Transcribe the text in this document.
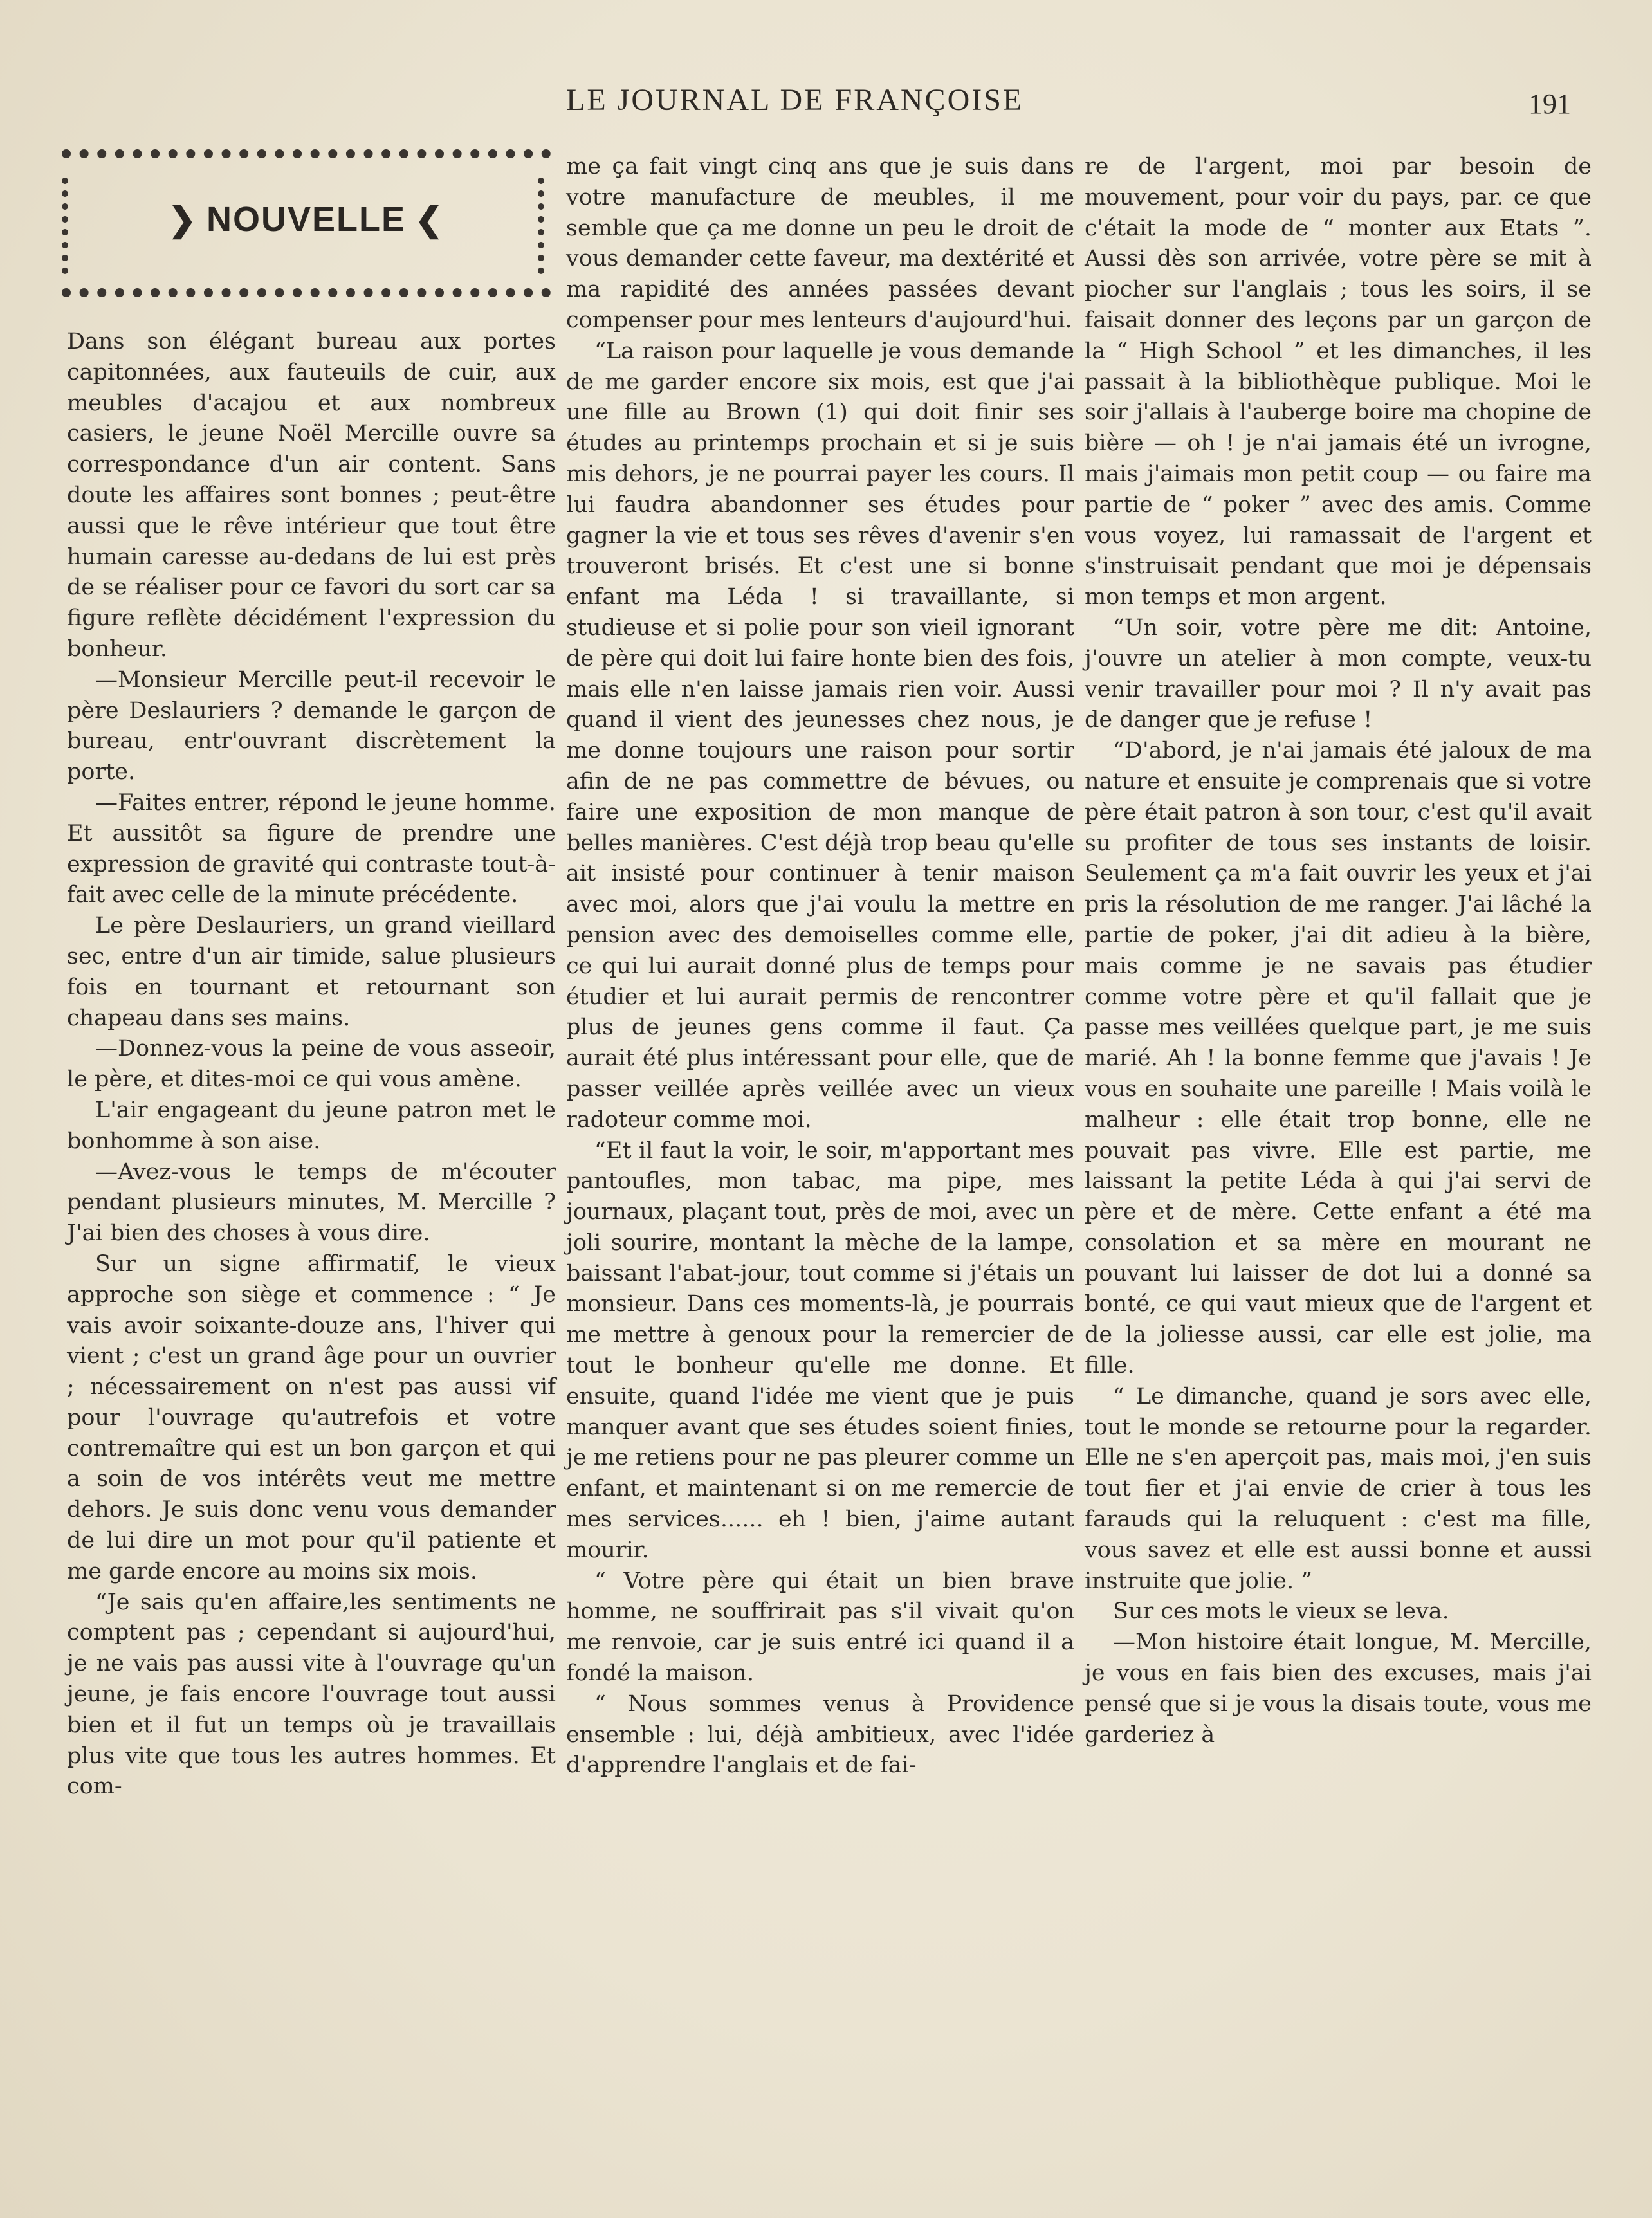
LE JOURNAL DE FRANÇOISE	191
❯ NOUVELLE ❮

Dans son élégant bureau aux portes capitonnées, aux fauteuils de cuir, aux meubles d'acajou et aux nombreux casiers, le jeune Noël Mercille ouvre sa correspondance d'un air content. Sans doute les affaires sont bonnes ; peut-être aussi que le rêve intérieur que tout être humain caresse au-dedans de lui est près de se réaliser pour ce favori du sort car sa figure reflète décidément l'expression du bonheur.

—Monsieur Mercille peut-il recevoir le père Deslauriers ? demande le garçon de bureau, entr'ouvrant discrètement la porte.

—Faites entrer, répond le jeune homme. Et aussitôt sa figure de prendre une expression de gravité qui contraste tout-à-fait avec celle de la minute précédente.

Le père Deslauriers, un grand vieillard sec, entre d'un air timide, salue plusieurs fois en tournant et retournant son chapeau dans ses mains.

—Donnez-vous la peine de vous asseoir, le père, et dites-moi ce qui vous amène.

L'air engageant du jeune patron met le bonhomme à son aise.

—Avez-vous le temps de m'écouter pendant plusieurs minutes, M. Mercille ? J'ai bien des choses à vous dire.

Sur un signe affirmatif, le vieux approche son siège et commence : “ Je vais avoir soixante-douze ans, l'hiver qui vient ; c'est un grand âge pour un ouvrier ; nécessairement on n'est pas aussi vif pour l'ouvrage qu'autrefois et votre contremaître qui est un bon garçon et qui a soin de vos intérêts veut me mettre dehors. Je suis donc venu vous demander de lui dire un mot pour qu'il patiente et me garde encore au moins six mois.

“Je sais qu'en affaire,les sentiments ne comptent pas ; cependant si aujourd'hui, je ne vais pas aussi vite à l'ouvrage qu'un jeune, je fais encore l'ouvrage tout aussi bien et il fut un temps où je travaillais plus vite que tous les autres hommes. Et com-

me ça fait vingt cinq ans que je suis dans votre manufacture de meubles, il me semble que ça me donne un peu le droit de vous demander cette faveur, ma dextérité et ma rapidité des années passées devant compenser pour mes lenteurs d'aujourd'hui.

“La raison pour laquelle je vous demande de me garder encore six mois, est que j'ai une fille au Brown (1) qui doit finir ses études au printemps prochain et si je suis mis dehors, je ne pourrai payer les cours. Il lui faudra abandonner ses études pour gagner la vie et tous ses rêves d'avenir s'en trouveront brisés. Et c'est une si bonne enfant ma Léda ! si travaillante, si studieuse et si polie pour son vieil ignorant de père qui doit lui faire honte bien des fois, mais elle n'en laisse jamais rien voir. Aussi quand il vient des jeunesses chez nous, je me donne toujours une raison pour sortir afin de ne pas commettre de bévues, ou faire une exposition de mon manque de belles manières. C'est déjà trop beau qu'elle ait insisté pour continuer à tenir maison avec moi, alors que j'ai voulu la mettre en pension avec des demoiselles comme elle, ce qui lui aurait donné plus de temps pour étudier et lui aurait permis de rencontrer plus de jeunes gens comme il faut. Ça aurait été plus intéressant pour elle, que de passer veillée après veillée avec un vieux radoteur comme moi.

“Et il faut la voir, le soir, m'apportant mes pantoufles, mon tabac, ma pipe, mes journaux, plaçant tout, près de moi, avec un joli sourire, montant la mèche de la lampe, baissant l'abat-jour, tout comme si j'étais un monsieur. Dans ces moments-là, je pourrais me mettre à genoux pour la remercier de tout le bonheur qu'elle me donne. Et ensuite, quand l'idée me vient que je puis manquer avant que ses études soient finies, je me retiens pour ne pas pleurer comme un enfant, et maintenant si on me remercie de mes services...... eh ! bien, j'aime autant mourir.

“ Votre père qui était un bien brave homme, ne souffrirait pas s'il vivait qu'on me renvoie, car je suis entré ici quand il a fondé la maison.

“ Nous sommes venus à Providence ensemble : lui, déjà ambitieux, avec l'idée d'apprendre l'anglais et de fai-

re de l'argent, moi par besoin de mouvement, pour voir du pays, par. ce que c'était la mode de “ monter aux Etats ”. Aussi dès son arrivée, votre père se mit à piocher sur l'anglais ; tous les soirs, il se faisait donner des leçons par un garçon de la “ High School ” et les dimanches, il les passait à la bibliothèque publique. Moi le soir j'allais à l'auberge boire ma chopine de bière — oh ! je n'ai jamais été un ivrogne, mais j'aimais mon petit coup — ou faire ma partie de “ poker ” avec des amis. Comme vous voyez, lui ramassait de l'argent et s'instruisait pendant que moi je dépensais mon temps et mon argent.

“Un soir, votre père me dit: Antoine, j'ouvre un atelier à mon compte, veux-tu venir travailler pour moi ? Il n'y avait pas de danger que je refuse !

“D'abord, je n'ai jamais été jaloux de ma nature et ensuite je comprenais que si votre père était patron à son tour, c'est qu'il avait su profiter de tous ses instants de loisir. Seulement ça m'a fait ouvrir les yeux et j'ai pris la résolution de me ranger. J'ai lâché la partie de poker, j'ai dit adieu à la bière, mais comme je ne savais pas étudier comme votre père et qu'il fallait que je passe mes veillées quelque part, je me suis marié. Ah ! la bonne femme que j'avais ! Je vous en souhaite une pareille ! Mais voilà le malheur : elle était trop bonne, elle ne pouvait pas vivre. Elle est partie, me laissant la petite Léda à qui j'ai servi de père et de mère. Cette enfant a été ma consolation et sa mère en mourant ne pouvant lui laisser de dot lui a donné sa bonté, ce qui vaut mieux que de l'argent et de la joliesse aussi, car elle est jolie, ma fille.

“ Le dimanche, quand je sors avec elle, tout le monde se retourne pour la regarder. Elle ne s'en aperçoit pas, mais moi, j'en suis tout fier et j'ai envie de crier à tous les farauds qui la reluquent : c'est ma fille, vous savez et elle est aussi bonne et aussi instruite que jolie. ”

Sur ces mots le vieux se leva.

—Mon histoire était longue, M. Mercille, je vous en fais bien des excuses, mais j'ai pensé que si je vous la disais toute, vous me garderiez à
